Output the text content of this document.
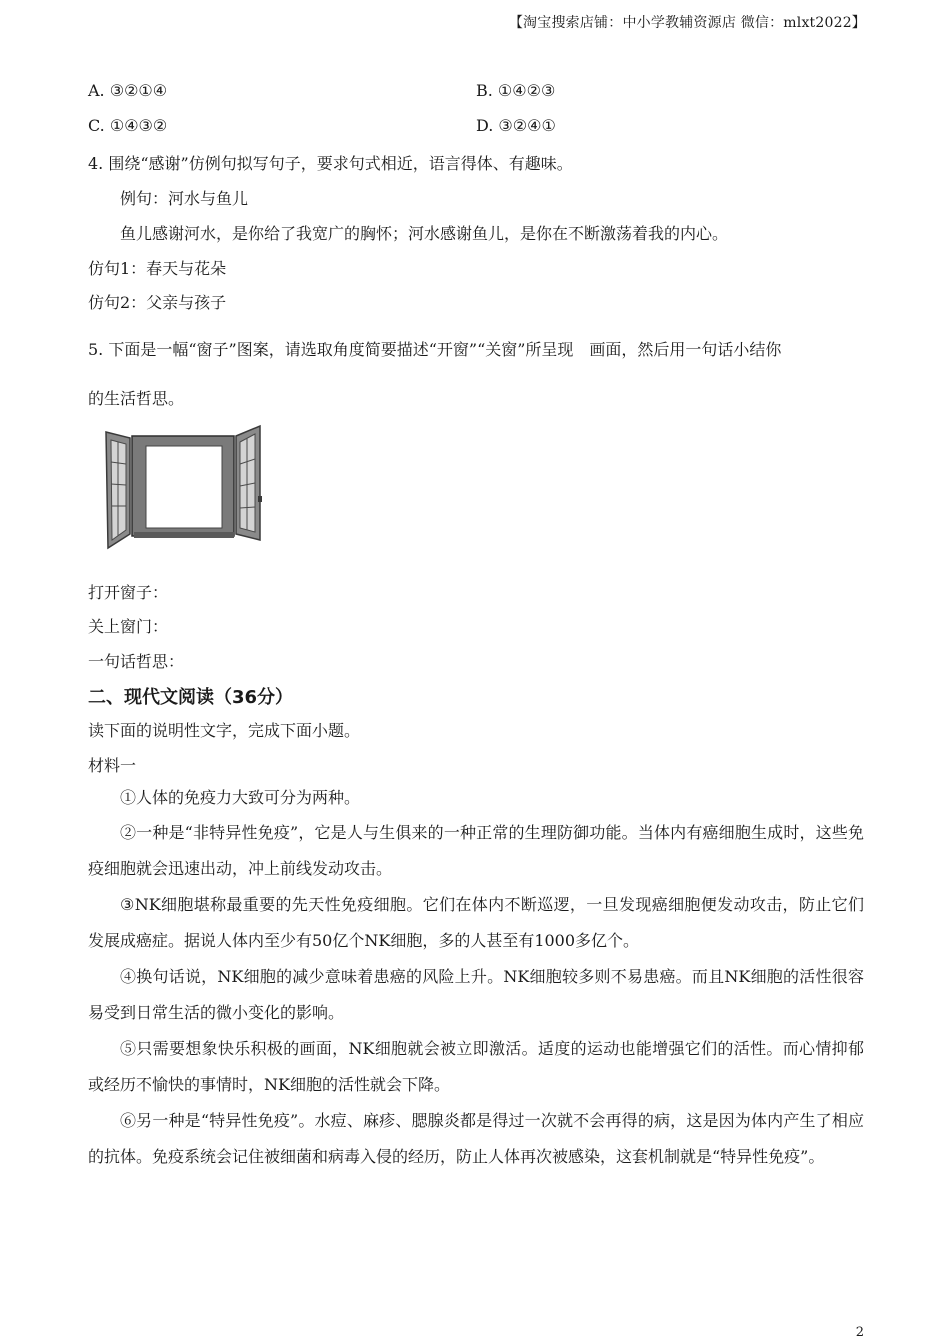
【淘宝搜索店铺：中小学教辅资源店 微信：mlxt2022】
A. ③②①④	B. ①④②③
C. ①④③②	D. ③②④①
4. 围绕“感谢”仿例句拟写句子，要求句式相近，语言得体、有趣味。
例句：河水与鱼儿
鱼儿感谢河水，是你给了我宽广的胸怀；河水感谢鱼儿，是你在不断激荡着我的内心。
仿句1：春天与花朵
仿句2：父亲与孩子
5. 下面是一幅“窗子”图案，请选取角度简要描述“开窗”“关窗”所呈现　画面，然后用一句话小结你
的生活哲思。
打开窗子：
关上窗门：
一句话哲思：
二、现代文阅读（36分）
读下面的说明性文字，完成下面小题。
材料一
①人体的免疫力大致可分为两种。
②一种是“非特异性免疫”，它是人与生俱来的一种正常的生理防御功能。当体内有癌细胞生成时，这些免疫细胞就会迅速出动，冲上前线发动攻击。
③NK细胞堪称最重要的先天性免疫细胞。它们在体内不断巡逻，一旦发现癌细胞便发动攻击，防止它们发展成癌症。据说人体内至少有50亿个NK细胞，多的人甚至有1000多亿个。
④换句话说，NK细胞的减少意味着患癌的风险上升。NK细胞较多则不易患癌。而且NK细胞的活性很容易受到日常生活的微小变化的影响。
⑤只需要想象快乐积极的画面，NK细胞就会被立即激活。适度的运动也能增强它们的活性。而心情抑郁或经历不愉快的事情时，NK细胞的活性就会下降。
⑥另一种是“特异性免疫”。水痘、麻疹、腮腺炎都是得过一次就不会再得的病，这是因为体内产生了相应的抗体。免疫系统会记住被细菌和病毒入侵的经历，防止人体再次被感染，这套机制就是“特异性免疫”。
2
